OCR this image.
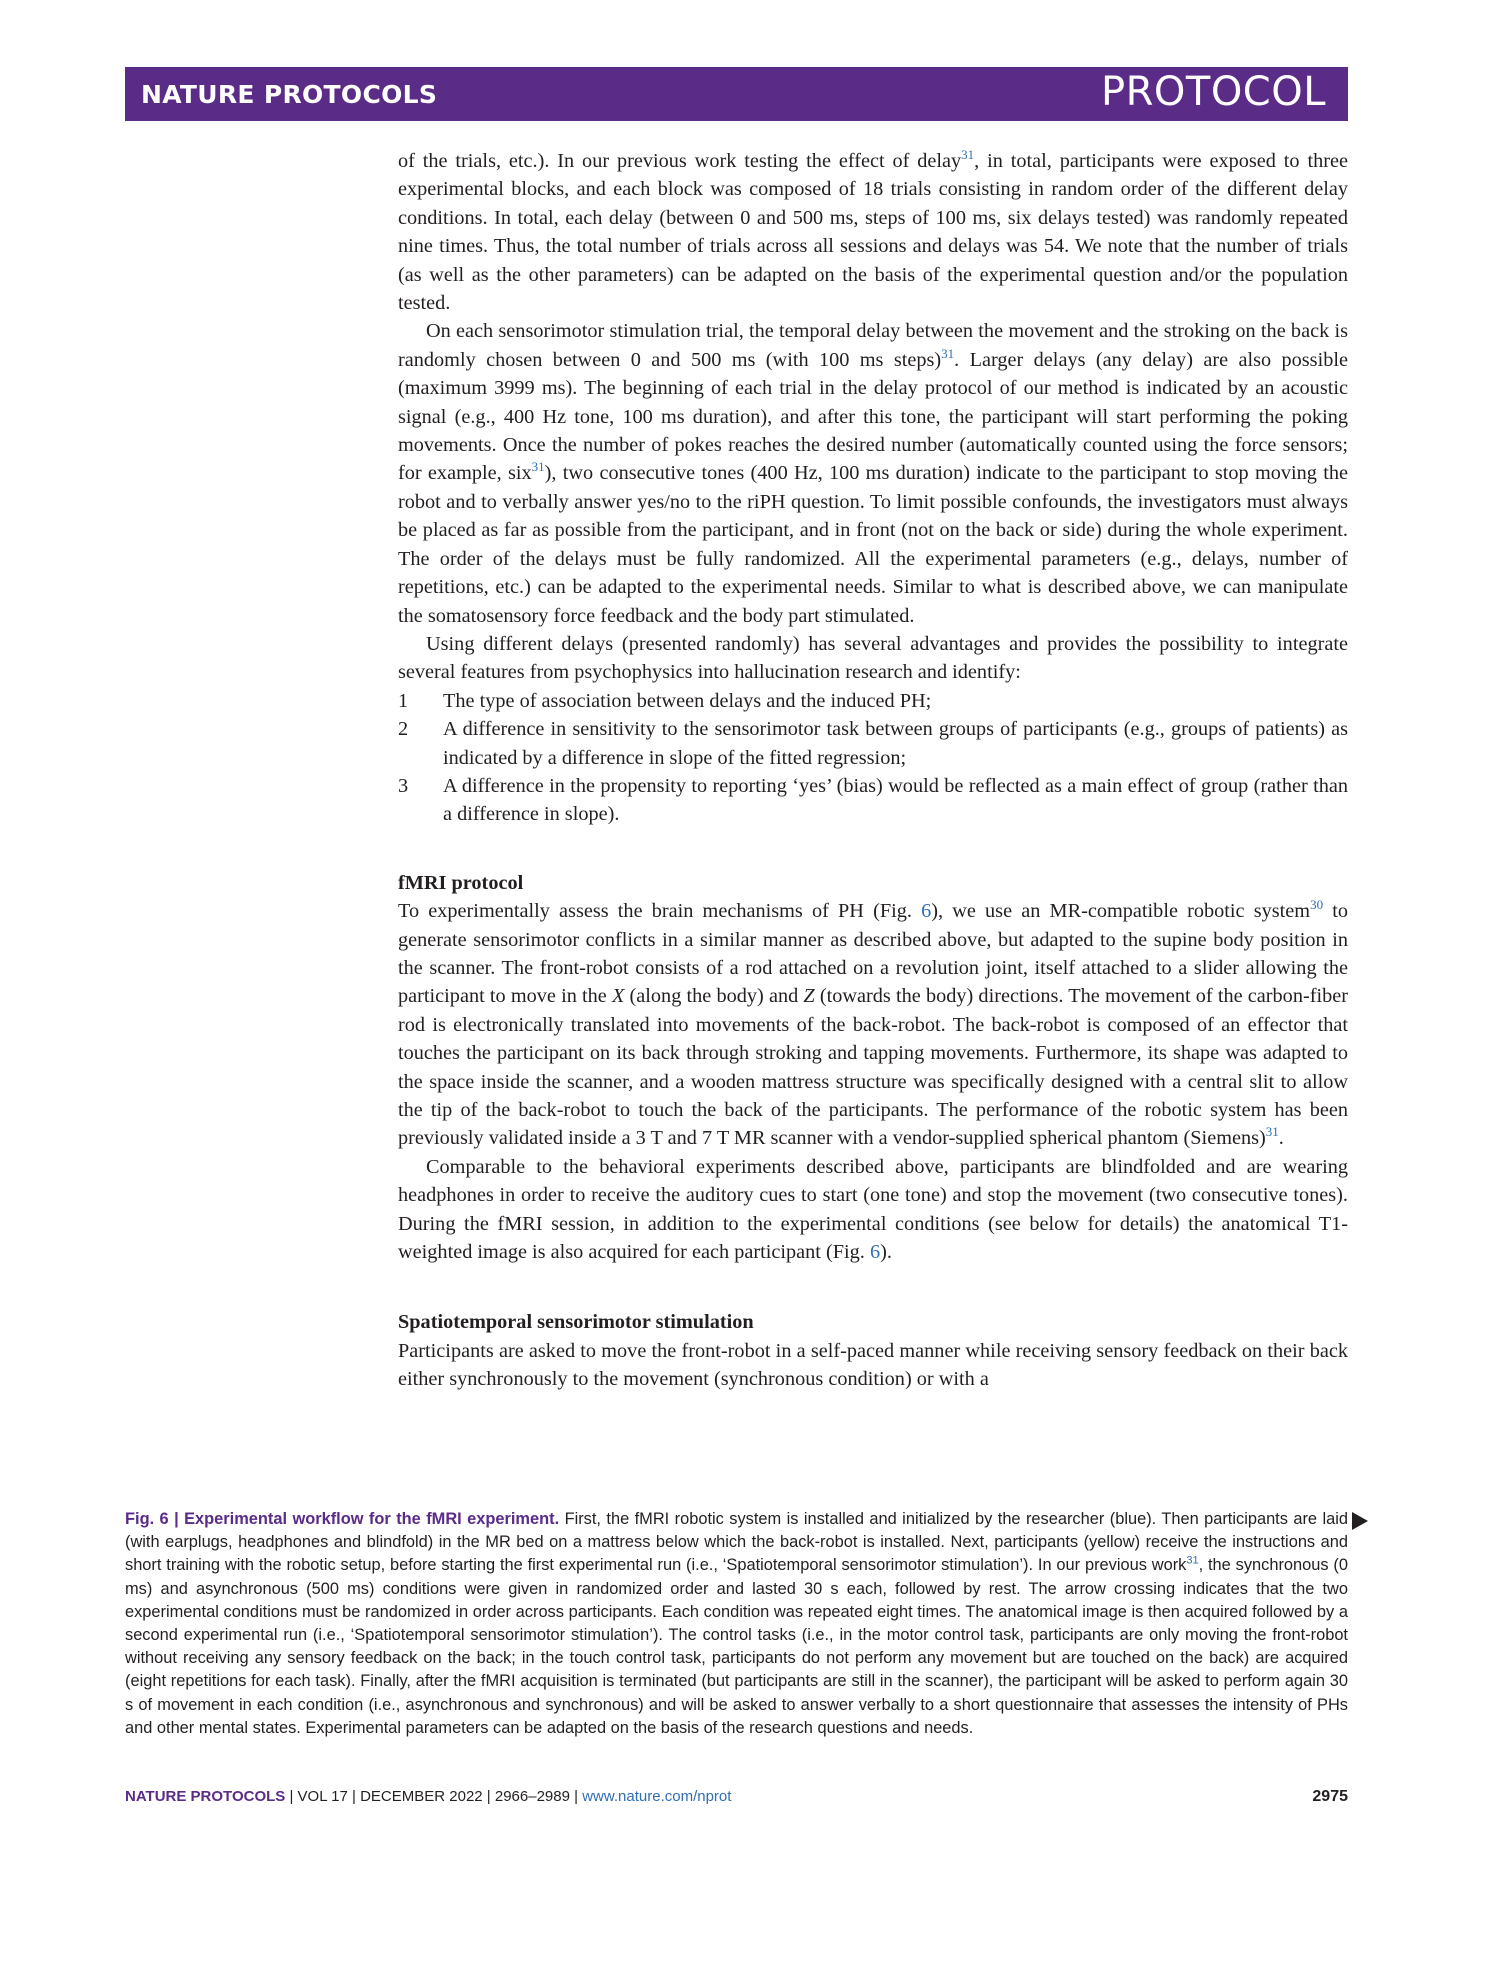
NATURE PROTOCOLS	PROTOCOL

of the trials, etc.). In our previous work testing the effect of delay$^{31}$, in total, participants were exposed to three experimental blocks, and each block was composed of 18 trials consisting in random order of the different delay conditions. In total, each delay (between 0 and 500 ms, steps of 100 ms, six delays tested) was randomly repeated nine times. Thus, the total number of trials across all sessions and delays was 54. We note that the number of trials (as well as the other parameters) can be adapted on the basis of the experimental question and/or the population tested.

On each sensorimotor stimulation trial, the temporal delay between the movement and the stroking on the back is randomly chosen between 0 and 500 ms (with 100 ms steps)$^{31}$. Larger delays (any delay) are also possible (maximum 3999 ms). The beginning of each trial in the delay protocol of our method is indicated by an acoustic signal (e.g., 400 Hz tone, 100 ms duration), and after this tone, the participant will start performing the poking movements. Once the number of pokes reaches the desired number (automatically counted using the force sensors; for example, six$^{31}$), two consecutive tones (400 Hz, 100 ms duration) indicate to the participant to stop moving the robot and to verbally answer yes/no to the riPH question. To limit possible confounds, the investigators must always be placed as far as possible from the participant, and in front (not on the back or side) during the whole experiment. The order of the delays must be fully randomized. All the experimental parameters (e.g., delays, number of repetitions, etc.) can be adapted to the experimental needs. Similar to what is described above, we can manipulate the somatosensory force feedback and the body part stimulated.

Using different delays (presented randomly) has several advantages and provides the possibility to integrate several features from psychophysics into hallucination research and identify:

1 The type of association between delays and the induced PH;
2 A difference in sensitivity to the sensorimotor task between groups of participants (e.g., groups of patients) as indicated by a difference in slope of the fitted regression;
3 A difference in the propensity to reporting ‘yes’ (bias) would be reflected as a main effect of group (rather than a difference in slope).

fMRI protocol

To experimentally assess the brain mechanisms of PH (Fig. 6), we use an MR-compatible robotic system$^{30}$ to generate sensorimotor conflicts in a similar manner as described above, but adapted to the supine body position in the scanner. The front-robot consists of a rod attached on a revolution joint, itself attached to a slider allowing the participant to move in the X (along the body) and Z (towards the body) directions. The movement of the carbon-fiber rod is electronically translated into movements of the back-robot. The back-robot is composed of an effector that touches the participant on its back through stroking and tapping movements. Furthermore, its shape was adapted to the space inside the scanner, and a wooden mattress structure was specifically designed with a central slit to allow the tip of the back-robot to touch the back of the participants. The performance of the robotic system has been previously validated inside a 3 T and 7 T MR scanner with a vendor-supplied spherical phantom (Siemens)$^{31}$.

Comparable to the behavioral experiments described above, participants are blindfolded and are wearing headphones in order to receive the auditory cues to start (one tone) and stop the movement (two consecutive tones). During the fMRI session, in addition to the experimental conditions (see below for details) the anatomical T1-weighted image is also acquired for each participant (Fig. 6).

Spatiotemporal sensorimotor stimulation

Participants are asked to move the front-robot in a self-paced manner while receiving sensory feedback on their back either synchronously to the movement (synchronous condition) or with a

Fig. 6 | Experimental workflow for the fMRI experiment. First, the fMRI robotic system is installed and initialized by the researcher (blue). Then participants are laid (with earplugs, headphones and blindfold) in the MR bed on a mattress below which the back-robot is installed. Next, participants (yellow) receive the instructions and short training with the robotic setup, before starting the first experimental run (i.e., ‘Spatiotemporal sensorimotor stimulation’). In our previous work$^{31}$, the synchronous (0 ms) and asynchronous (500 ms) conditions were given in randomized order and lasted 30 s each, followed by rest. The arrow crossing indicates that the two experimental conditions must be randomized in order across participants. Each condition was repeated eight times. The anatomical image is then acquired followed by a second experimental run (i.e., ‘Spatiotemporal sensorimotor stimulation’). The control tasks (i.e., in the motor control task, participants are only moving the front-robot without receiving any sensory feedback on the back; in the touch control task, participants do not perform any movement but are touched on the back) are acquired (eight repetitions for each task). Finally, after the fMRI acquisition is terminated (but participants are still in the scanner), the participant will be asked to perform again 30 s of movement in each condition (i.e., asynchronous and synchronous) and will be asked to answer verbally to a short questionnaire that assesses the intensity of PHs and other mental states. Experimental parameters can be adapted on the basis of the research questions and needs.
NATURE PROTOCOLS | VOL 17 | DECEMBER 2022 | 2966–2989 | www.nature.com/nprot	2975
